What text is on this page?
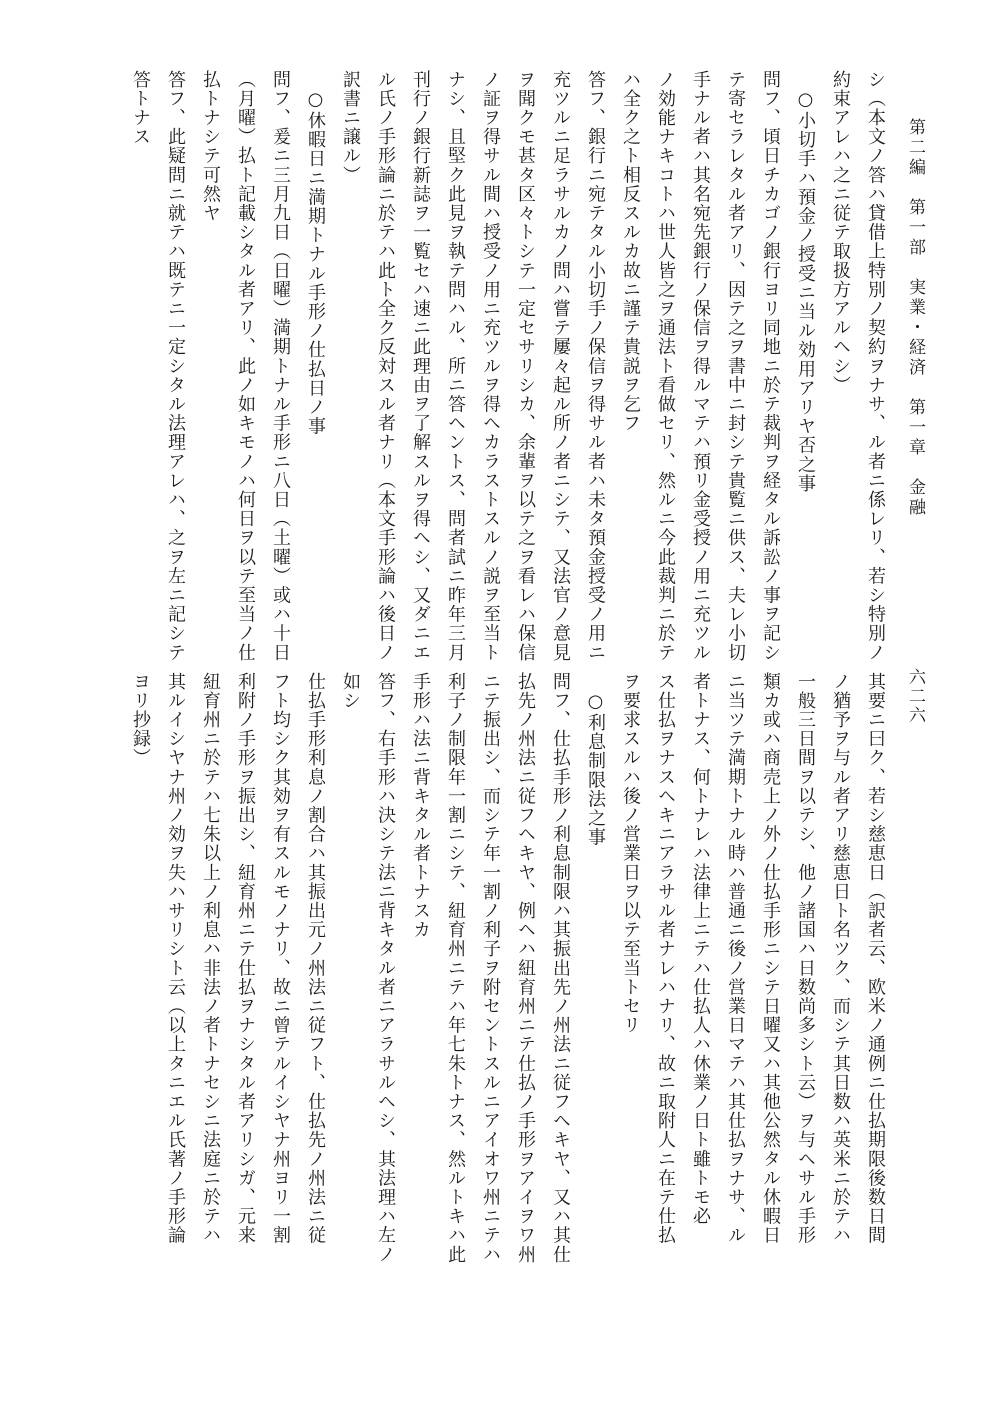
第二編　第一部　実業・経済　第一章　金融
六二六
シ（本文ノ答ハ貸借上特別ノ契約ヲナサ、ル者ニ係レリ、若シ特別ノ
約束アレハ之ニ従テ取扱方アルヘシ）
　○小切手ハ預金ノ授受ニ当ル効用アリヤ否之事
問フ、頃日チカゴノ銀行ヨリ同地ニ於テ裁判ヲ経タル訴訟ノ事ヲ記シ
テ寄セラレタル者アリ、因テ之ヲ書中ニ封シテ貴覧ニ供ス、夫レ小切
手ナル者ハ其名宛先銀行ノ保信ヲ得ルマテハ預リ金受授ノ用ニ充ツル
ノ効能ナキコトハ世人皆之ヲ通法ト看做セリ、然ルニ今此裁判ニ於テ
ハ全ク之ト相反スルカ故ニ謹テ貴説ヲ乞フ
答フ、銀行ニ宛テタル小切手ノ保信ヲ得サル者ハ未タ預金授受ノ用ニ
充ツルニ足ラサルカノ問ハ嘗テ屢々起ル所ノ者ニシテ、又法官ノ意見
ヲ聞クモ甚タ区々トシテ一定セサリシカ、余輩ヲ以テ之ヲ看レハ保信
ノ証ヲ得サル間ハ授受ノ用ニ充ツルヲ得ヘカラストスルノ説ヲ至当ト
ナシ、且堅ク此見ヲ執テ問ハル、所ニ答ヘントス、問者試ニ昨年三月
刊行ノ銀行新誌ヲ一覧セハ速ニ此理由ヲ了解スルヲ得ヘシ、又ダニエ
ル氏ノ手形論ニ於テハ此ト全ク反対スル者ナリ（本文手形論ハ後日ノ
訳書ニ譲ル）
　○休暇日ニ満期トナル手形ノ仕払日ノ事
問フ、爰ニ三月九日（日曜）満期トナル手形ニ八日（土曜）或ハ十日
（月曜）払ト記載シタル者アリ、此ノ如キモノハ何日ヲ以テ至当ノ仕
払トナシテ可然ヤ
答フ、此疑問ニ就テハ既テニ一定シタル法理アレハ、之ヲ左ニ記シテ
答トナス
其要ニ曰ク、若シ慈恵日（訳者云、欧米ノ通例ニ仕払期限後数日間
ノ猶予ヲ与ル者アリ慈恵日ト名ツク、而シテ其日数ハ英米ニ於テハ
一般三日間ヲ以テシ、他ノ諸国ハ日数尚多シト云）ヲ与ヘサル手形
類カ或ハ商売上ノ外ノ仕払手形ニシテ日曜又ハ其他公然タル休暇日
ニ当ツテ満期トナル時ハ普通ニ後ノ営業日マテハ其仕払ヲナサ、ル
者トナス、何トナレハ法律上ニテハ仕払人ハ休業ノ日ト雖トモ必
ス仕払ヲナスヘキニアラサル者ナレハナリ、故ニ取附人ニ在テ仕払
ヲ要求スルハ後ノ営業日ヲ以テ至当トセリ
　○利息制限法之事
問フ、仕払手形ノ利息制限ハ其振出先ノ州法ニ従フヘキヤ、又ハ其仕
払先ノ州法ニ従フヘキヤ、例ヘハ紐育州ニテ仕払ノ手形ヲアイヲワ州
ニテ振出シ、而シテ年一割ノ利子ヲ附セントスルニアイオワ州ニテハ
利子ノ制限年一割ニシテ、紐育州ニテハ年七朱トナス、然ルトキハ此
手形ハ法ニ背キタル者トナスカ
答フ、右手形ハ決シテ法ニ背キタル者ニアラサルヘシ、其法理ハ左ノ
如シ
仕払手形利息ノ割合ハ其振出元ノ州法ニ従フト、仕払先ノ州法ニ従
フト均シク其効ヲ有スルモノナリ、故ニ曾テルイシヤナ州ヨリ一割
利附ノ手形ヲ振出シ、紐育州ニテ仕払ヲナシタル者アリシガ、元来
紐育州ニ於テハ七朱以上ノ利息ハ非法ノ者トナセシニ法庭ニ於テハ
其ルイシヤナ州ノ効ヲ失ハサリシト云（以上タニエル氏著ノ手形論
ヨリ抄録）
